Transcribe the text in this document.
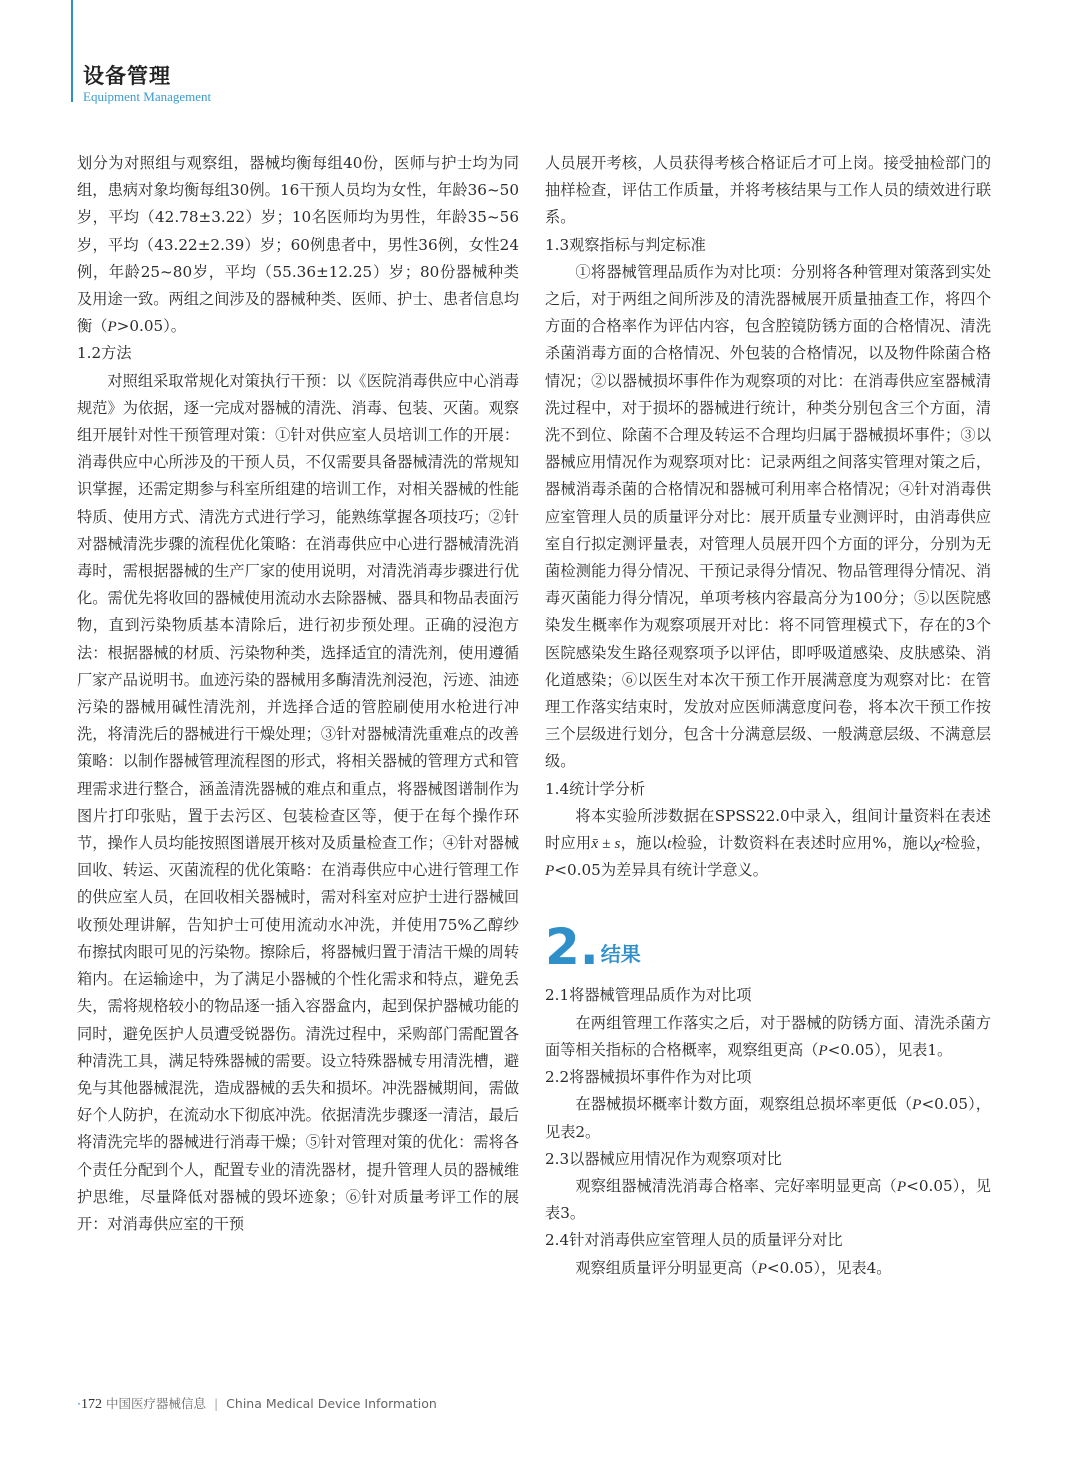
设备管理
Equipment Management

划分为对照组与观察组，器械均衡每组40份，医师与护士均为同组，患病对象均衡每组30例。16干预人员均为女性，年龄36~50岁，平均（42.78±3.22）岁；10名医师均为男性，年龄35~56岁，平均（43.22±2.39）岁；60例患者中，男性36例，女性24例，年龄25~80岁，平均（55.36±12.25）岁；80份器械种类及用途一致。两组之间涉及的器械种类、医师、护士、患者信息均衡（P>0.05）。

1.2方法

对照组采取常规化对策执行干预：以《医院消毒供应中心消毒规范》为依据，逐一完成对器械的清洗、消毒、包装、灭菌。观察组开展针对性干预管理对策：①针对供应室人员培训工作的开展：消毒供应中心所涉及的干预人员，不仅需要具备器械清洗的常规知识掌握，还需定期参与科室所组建的培训工作，对相关器械的性能特质、使用方式、清洗方式进行学习，能熟练掌握各项技巧；②针对器械清洗步骤的流程优化策略：在消毒供应中心进行器械清洗消毒时，需根据器械的生产厂家的使用说明，对清洗消毒步骤进行优化。需优先将收回的器械使用流动水去除器械、器具和物品表面污物，直到污染物质基本清除后，进行初步预处理。正确的浸泡方法：根据器械的材质、污染物种类，选择适宜的清洗剂，使用遵循厂家产品说明书。血迹污染的器械用多酶清洗剂浸泡，污迹、油迹污染的器械用碱性清洗剂，并选择合适的管腔刷使用水枪进行冲洗，将清洗后的器械进行干燥处理；③针对器械清洗重难点的改善策略：以制作器械管理流程图的形式，将相关器械的管理方式和管理需求进行整合，涵盖清洗器械的难点和重点，将器械图谱制作为图片打印张贴，置于去污区、包装检查区等，便于在每个操作环节，操作人员均能按照图谱展开核对及质量检查工作；④针对器械回收、转运、灭菌流程的优化策略：在消毒供应中心进行管理工作的供应室人员，在回收相关器械时，需对科室对应护士进行器械回收预处理讲解，告知护士可使用流动水冲洗，并使用75%乙醇纱布擦拭肉眼可见的污染物。擦除后，将器械归置于清洁干燥的周转箱内。在运输途中，为了满足小器械的个性化需求和特点，避免丢失，需将规格较小的物品逐一插入容器盒内，起到保护器械功能的同时，避免医护人员遭受锐器伤。清洗过程中，采购部门需配置各种清洗工具，满足特殊器械的需要。设立特殊器械专用清洗槽，避免与其他器械混洗，造成器械的丢失和损坏。冲洗器械期间，需做好个人防护，在流动水下彻底冲洗。依据清洗步骤逐一清洁，最后将清洗完毕的器械进行消毒干燥；⑤针对管理对策的优化：需将各个责任分配到个人，配置专业的清洗器材，提升管理人员的器械维护思维，尽量降低对器械的毁坏迹象；⑥针对质量考评工作的展开：对消毒供应室的干预

人员展开考核，人员获得考核合格证后才可上岗。接受抽检部门的抽样检查，评估工作质量，并将考核结果与工作人员的绩效进行联系。

1.3观察指标与判定标准

①将器械管理品质作为对比项：分别将各种管理对策落到实处之后，对于两组之间所涉及的清洗器械展开质量抽查工作，将四个方面的合格率作为评估内容，包含腔镜防锈方面的合格情况、清洗杀菌消毒方面的合格情况、外包装的合格情况，以及物件除菌合格情况；②以器械损坏事件作为观察项的对比：在消毒供应室器械清洗过程中，对于损坏的器械进行统计，种类分别包含三个方面，清洗不到位、除菌不合理及转运不合理均归属于器械损坏事件；③以器械应用情况作为观察项对比：记录两组之间落实管理对策之后，器械消毒杀菌的合格情况和器械可利用率合格情况；④针对消毒供应室管理人员的质量评分对比：展开质量专业测评时，由消毒供应室自行拟定测评量表，对管理人员展开四个方面的评分，分别为无菌检测能力得分情况、干预记录得分情况、物品管理得分情况、消毒灭菌能力得分情况，单项考核内容最高分为100分；⑤以医院感染发生概率作为观察项展开对比：将不同管理模式下，存在的3个医院感染发生路径观察项予以评估，即呼吸道感染、皮肤感染、消化道感染；⑥以医生对本次干预工作开展满意度为观察对比：在管理工作落实结束时，发放对应医师满意度问卷，将本次干预工作按三个层级进行划分，包含十分满意层级、一般满意层级、不满意层级。

1.4统计学分析

将本实验所涉数据在SPSS22.0中录入，组间计量资料在表述时应用x̄ ± s，施以t检验，计数资料在表述时应用%，施以χ²检验，P<0.05为差异具有统计学意义。

2. 结果

2.1将器械管理品质作为对比项

在两组管理工作落实之后，对于器械的防锈方面、清洗杀菌方面等相关指标的合格概率，观察组更高（P<0.05），见表1。

2.2将器械损坏事件作为对比项

在器械损坏概率计数方面，观察组总损坏率更低（P<0.05），见表2。

2.3以器械应用情况作为观察项对比

观察组器械清洗消毒合格率、完好率明显更高（P<0.05），见表3。

2.4针对消毒供应室管理人员的质量评分对比

观察组质量评分明显更高（P<0.05），见表4。

·172 中国医疗器械信息 | China Medical Device Information
